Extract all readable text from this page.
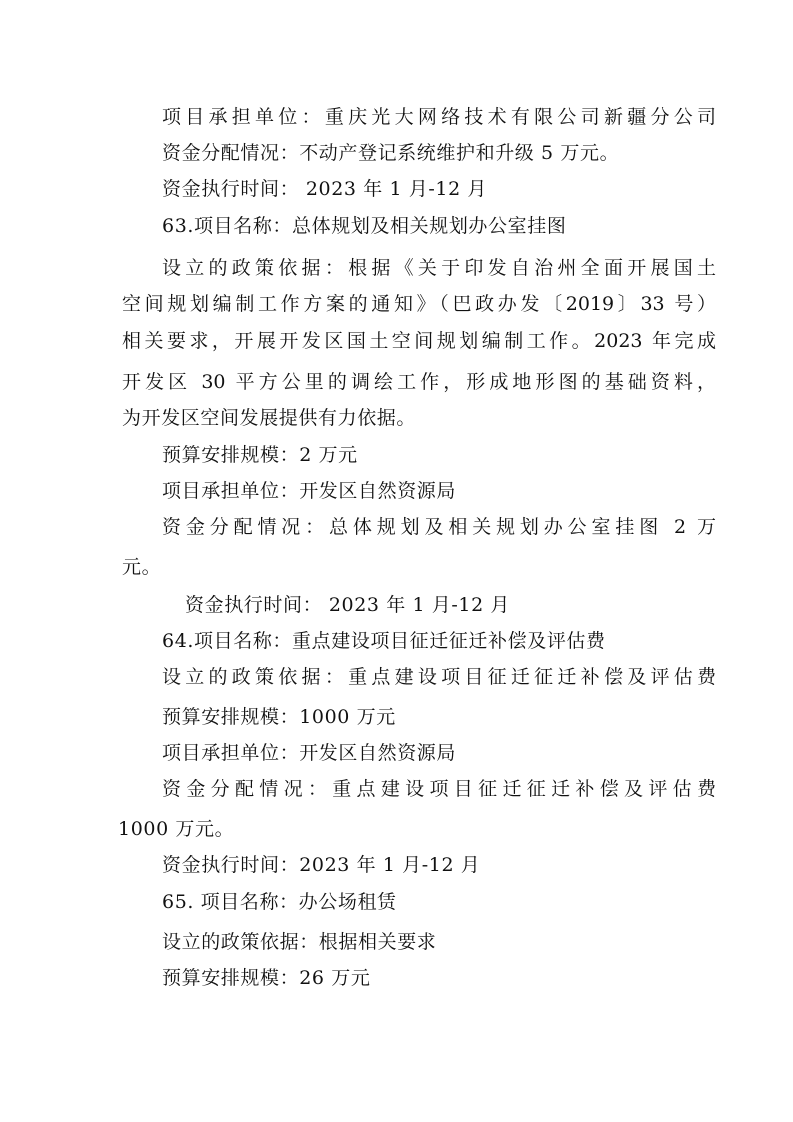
项目承担单位：重庆光大网络技术有限公司新疆分公司
资金分配情况：不动产登记系统维护和升级 5 万元。
资金执行时间： 2023 年 1 月-12 月
63.项目名称：总体规划及相关规划办公室挂图
设立的政策依据：根据《关于印发自治州全面开展国土
空间规划编制工作方案的通知》（巴政办发〔2019〕33 号）
相关要求，开展开发区国土空间规划编制工作。2023 年完成
开发区 30 平方公里的调绘工作，形成地形图的基础资料，
为开发区空间发展提供有力依据。
预算安排规模：2 万元
项目承担单位：开发区自然资源局
资金分配情况：总体规划及相关规划办公室挂图 2 万
元。
资金执行时间： 2023 年 1 月-12 月
64.项目名称：重点建设项目征迁征迁补偿及评估费
设立的政策依据：重点建设项目征迁征迁补偿及评估费
预算安排规模：1000 万元
项目承担单位：开发区自然资源局
资金分配情况：重点建设项目征迁征迁补偿及评估费
1000 万元。
资金执行时间：2023 年 1 月-12 月
65. 项目名称：办公场租赁
设立的政策依据：根据相关要求
预算安排规模：26 万元
